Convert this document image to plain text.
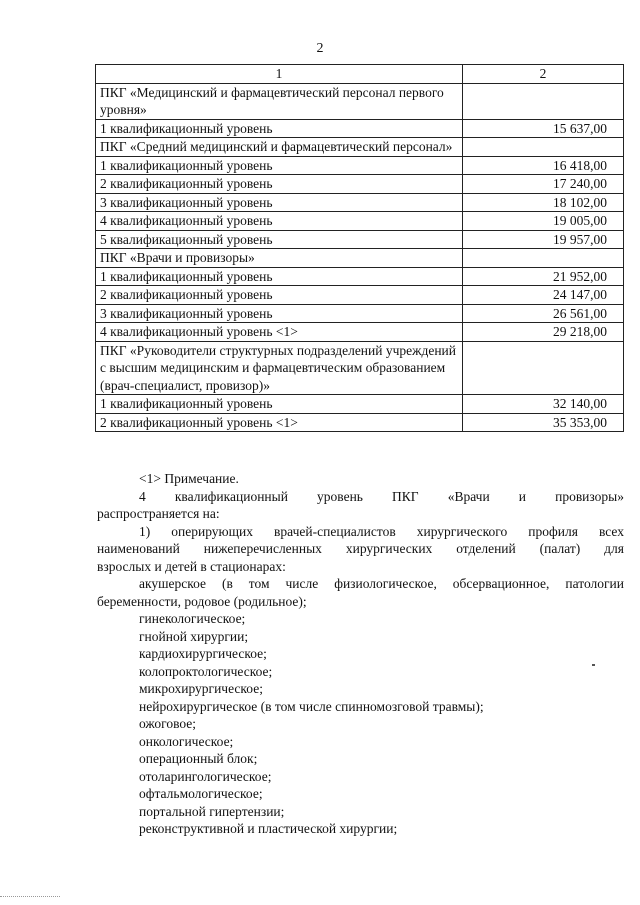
2
1	2
ПКГ «Медицинский и фармацевтический персонал первого уровня»	
1 квалификационный уровень	15 637,00
ПКГ «Средний медицинский и фармацевтический персонал»	
1 квалификационный уровень	16 418,00
2 квалификационный уровень	17 240,00
3 квалификационный уровень	18 102,00
4 квалификационный уровень	19 005,00
5 квалификационный уровень	19 957,00
ПКГ «Врачи и провизоры»	
1 квалификационный уровень	21 952,00
2 квалификационный уровень	24 147,00
3 квалификационный уровень	26 561,00
4 квалификационный уровень <1>	29 218,00
ПКГ «Руководители структурных подразделений учреждений с высшим медицинским и фармацевтическим образованием (врач-специалист, провизор)»	
1 квалификационный уровень	32 140,00
2 квалификационный уровень <1>	35 353,00

<1> Примечание.

4 квалификационный уровень ПКГ «Врачи и провизоры»

распространяется на:

1) оперирующих врачей-специалистов хирургического профиля всех

наименований нижеперечисленных хирургических отделений (палат) для

взрослых и детей в стационарах:

акушерское (в том числе физиологическое, обсервационное, патологии

беременности, родовое (родильное);

гинекологическое;

гнойной хирургии;

кардиохирургическое;

колопроктологическое;

микрохирургическое;

нейрохирургическое (в том числе спинномозговой травмы);

ожоговое;

онкологическое;

операционный блок;

отоларингологическое;

офтальмологическое;

портальной гипертензии;

реконструктивной и пластической хирургии;
